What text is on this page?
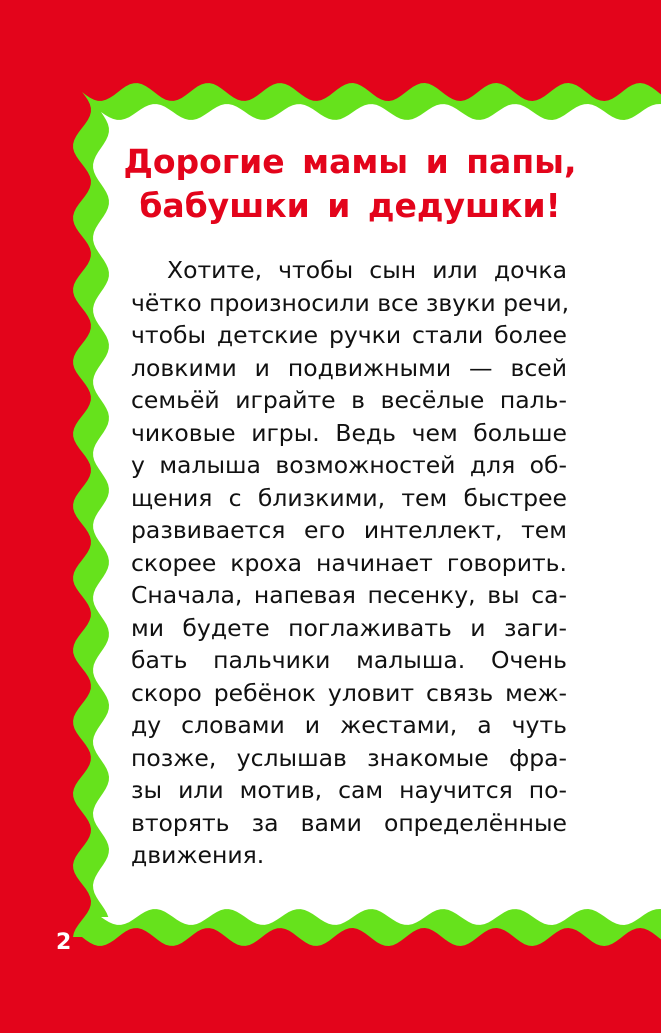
Дорогие мамы и папы,
бабушки и дедушки!
Хотите, чтобы сын или дочка
чётко произносили все звуки речи,
чтобы детские ручки стали более
ловкими и подвижными — всей
семьёй играйте в весёлые паль-
чиковые игры. Ведь чем больше
у малыша возможностей для об-
щения с близкими, тем быстрее
развивается его интеллект, тем
скорее кроха начинает говорить.
Сначала, напевая песенку, вы са-
ми будете поглаживать и заги-
бать пальчики малыша. Очень
скоро ребёнок уловит связь меж-
ду словами и жестами, а чуть
позже, услышав знакомые фра-
зы или мотив, сам научится по-
вторять за вами определённые
движения.
2
